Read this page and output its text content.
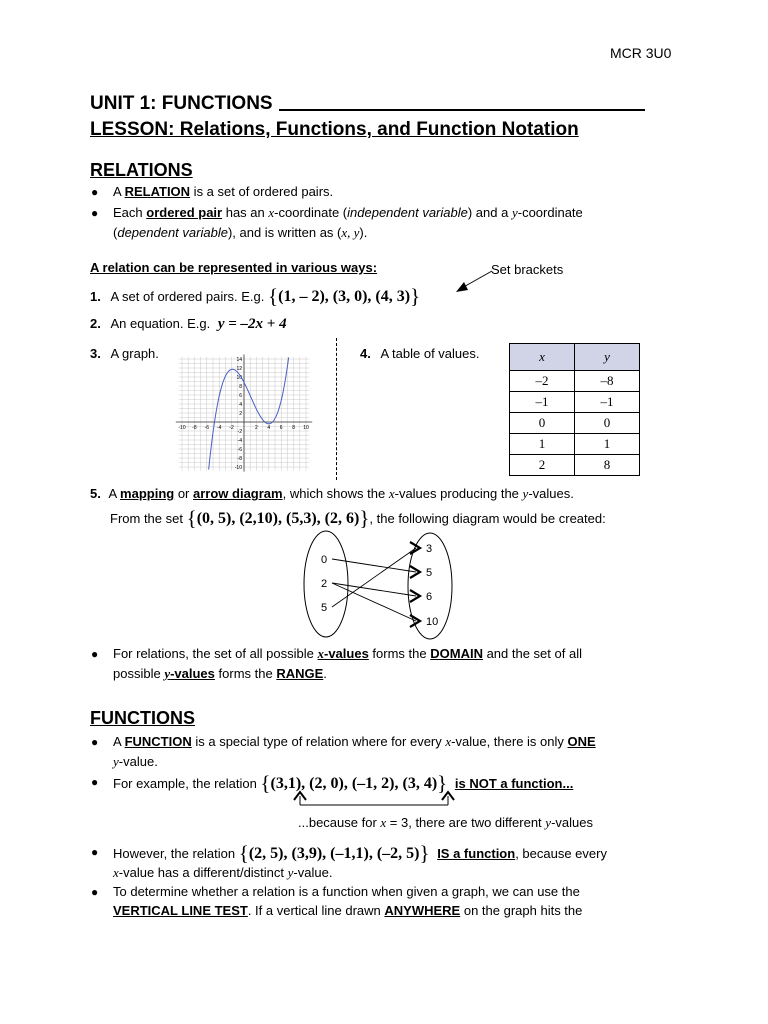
MCR 3U0
UNIT 1: FUNCTIONS
LESSON: Relations, Functions, and Function Notation
RELATIONS
● A RELATION is a set of ordered pairs.
● Each ordered pair has an x-coordinate (independent variable) and a y-coordinate
(dependent variable), and is written as (x, y).
A relation can be represented in various ways:	Set brackets
1. A set of ordered pairs. E.g. {(1, – 2), (3, 0), (4, 3)}
2. An equation. E.g. y = –2x + 4
3. A graph.
-10 -8 -6 -4 -2	2 4 6 8 10
14
12
10
8
6
4
2
-2
-4
-6
-8
-10
4. A table of values.	x	y
–2	–8
–1	–1
0	0
1	1
2	8
5. A mapping or arrow diagram, which shows the x-values producing the y-values.
From the set {(0, 5), (2,10), (5,3), (2, 6)}, the following diagram would be created:
0
2
5
3
5
6
10
● For relations, the set of all possible x-values forms the DOMAIN and the set of all
possible y-values forms the RANGE.
FUNCTIONS
● A FUNCTION is a special type of relation where for every x-value, there is only ONE
y-value.
● For example, the relation {(3,1), (2, 0), (–1, 2), (3, 4)} is NOT a function...
...because for x = 3, there are two different y-values
● However, the relation {(2, 5), (3,9), (–1,1), (–2, 5)} IS a function, because every
x-value has a different/distinct y-value.
● To determine whether a relation is a function when given a graph, we can use the
VERTICAL LINE TEST. If a vertical line drawn ANYWHERE on the graph hits the
